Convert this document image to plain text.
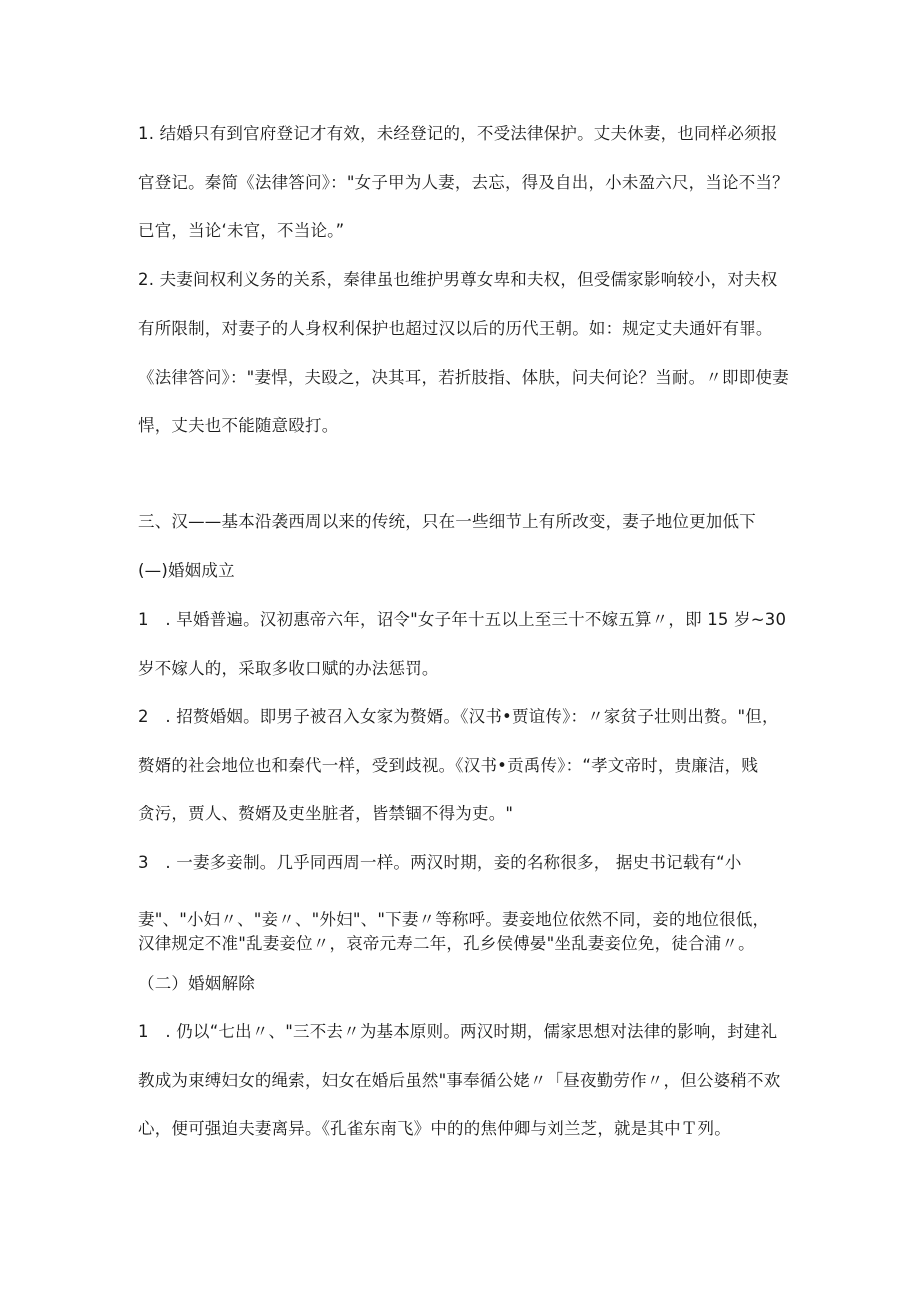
1. 结婚只有到官府登记才有效，未经登记的，不受法律保护。丈夫休妻，也同样必须报
官登记。秦简《法律答问》："女子甲为人妻，去忘，得及自出，小未盈六尺，当论不当？
已官，当论‘未官，不当论。”
2. 夫妻间权利义务的关系，秦律虽也维护男尊女卑和夫权，但受儒家影响较小，对夫权
有所限制，对妻子的人身权利保护也超过汉以后的历代王朝。如：规定丈夫通奸有罪。
《法律答问》："妻悍，夫殴之，决其耳，若折肢指、体肤，问夫何论？当耐。〃即即使妻
悍，丈夫也不能随意殴打。
三、汉——基本沿袭西周以来的传统，只在一些细节上有所改变，妻子地位更加低下
(—)婚姻成立
1　. 早婚普遍。汉初惠帝六年，诏令"女子年十五以上至三十不嫁五算〃，即 15 岁~30
岁不嫁人的，采取多收口赋的办法惩罚。
2　. 招赘婚姻。即男子被召入女家为赘婿。《汉书•贾谊传》：〃家贫子壮则出赘。"但，
赘婿的社会地位也和秦代一样，受到歧视。《汉书•贡禹传》：“孝文帝时，贵廉洁，贱
贪污，贾人、赘婿及吏坐脏者，皆禁锢不得为吏。"
3　. 一妻多妾制。几乎同西周一样。两汉时期，妾的名称很多， 据史书记载有“小
妻"、"小妇〃、"妾〃、"外妇"、"下妻〃等称呼。妻妾地位依然不同，妾的地位很低，
汉律规定不准"乱妻妾位〃，哀帝元寿二年，孔乡侯傅晏"坐乱妻妾位免，徒合浦〃。
（二）婚姻解除
1　. 仍以“七出〃、"三不去〃为基本原则。两汉时期，儒家思想对法律的影响，封建礼
教成为束缚妇女的绳索，妇女在婚后虽然"事奉循公姥〃「昼夜勤劳作〃，但公婆稍不欢
心，便可强迫夫妻离异。《孔雀东南飞》中的的焦仲卿与刘兰芝，就是其中Ｔ列。
